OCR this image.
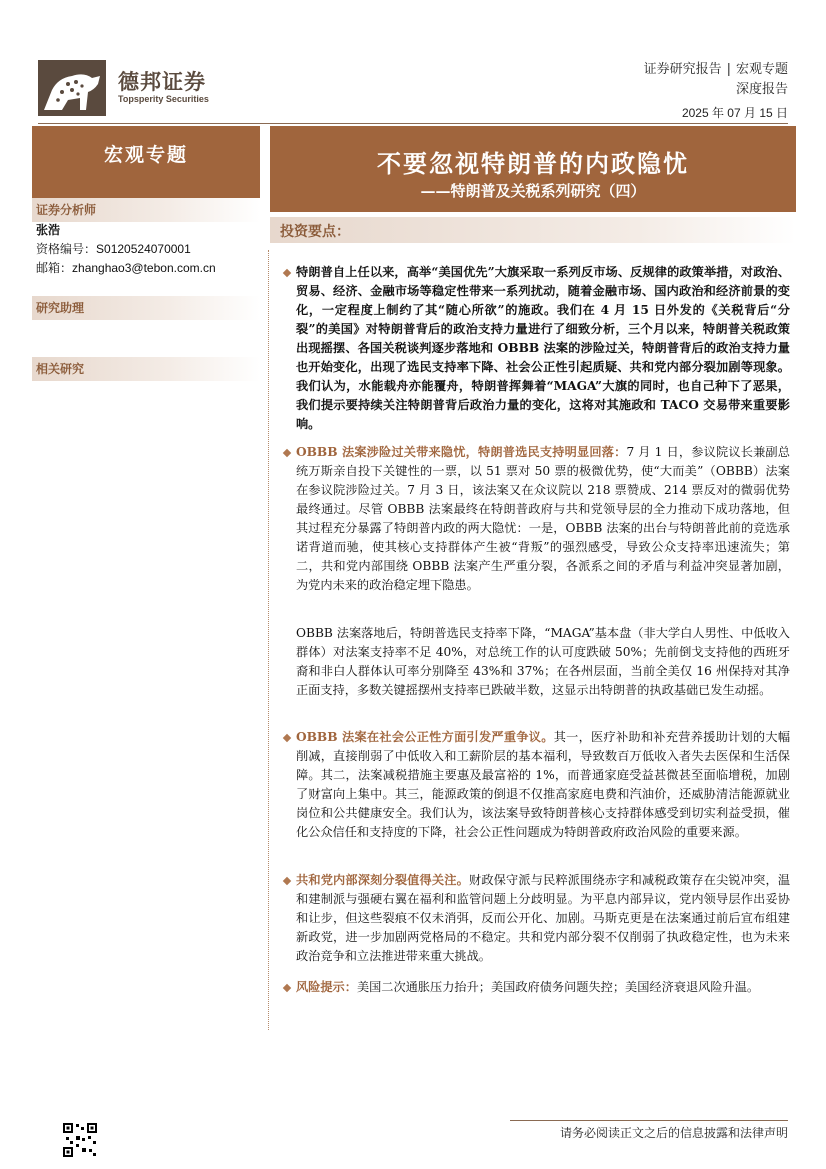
德邦证券
Topsperity Securities
证券研究报告 | 宏观专题
深度报告
2025 年 07 月 15 日
宏观专题	不要忽视特朗普的内政隐忧
——特朗普及关税系列研究（四）
证券分析师
张浩
资格编号：S0120524070001
邮箱：zhanghao3@tebon.com.cn
研究助理
相关研究
投资要点：
特朗普自上任以来，高举“美国优先”大旗采取一系列反市场、反规律的政策举措，对政治、贸易、经济、金融市场等稳定性带来一系列扰动，随着金融市场、国内政治和经济前景的变化，一定程度上制约了其“随心所欲”的施政。我们在 4 月 15 日外发的《关税背后“分裂”的美国》对特朗普背后的政治支持力量进行了细致分析，三个月以来，特朗普关税政策出现摇摆、各国关税谈判逐步落地和 OBBB 法案的涉险过关，特朗普背后的政治支持力量也开始变化，出现了选民支持率下降、社会公正性引起质疑、共和党内部分裂加剧等现象。我们认为，水能载舟亦能覆舟，特朗普挥舞着“MAGA”大旗的同时，也自己种下了恶果，我们提示要持续关注特朗普背后政治力量的变化，这将对其施政和 TACO 交易带来重要影响。
OBBB 法案涉险过关带来隐忧，特朗普选民支持明显回落：7 月 1 日，参议院议长兼副总统万斯亲自投下关键性的一票，以 51 票对 50 票的极微优势，使“大而美”（OBBB）法案在参议院涉险过关。7 月 3 日，该法案又在众议院以 218 票赞成、214 票反对的微弱优势最终通过。尽管 OBBB 法案最终在特朗普政府与共和党领导层的全力推动下成功落地，但其过程充分暴露了特朗普内政的两大隐忧：一是，OBBB 法案的出台与特朗普此前的竞选承诺背道而驰，使其核心支持群体产生被“背叛”的强烈感受，导致公众支持率迅速流失；第二，共和党内部围绕 OBBB 法案产生严重分裂，各派系之间的矛盾与利益冲突显著加剧，为党内未来的政治稳定埋下隐患。
OBBB 法案落地后，特朗普选民支持率下降，“MAGA”基本盘（非大学白人男性、中低收入群体）对法案支持率不足 40%，对总统工作的认可度跌破 50%；先前倒戈支持他的西班牙裔和非白人群体认可率分别降至 43%和 37%；在各州层面，当前全美仅 16 州保持对其净正面支持，多数关键摇摆州支持率已跌破半数，这显示出特朗普的执政基础已发生动摇。
OBBB 法案在社会公正性方面引发严重争议。其一，医疗补助和补充营养援助计划的大幅削减，直接削弱了中低收入和工薪阶层的基本福利，导致数百万低收入者失去医保和生活保障。其二，法案减税措施主要惠及最富裕的 1%，而普通家庭受益甚微甚至面临增税，加剧了财富向上集中。其三，能源政策的倒退不仅推高家庭电费和汽油价，还威胁清洁能源就业岗位和公共健康安全。我们认为，该法案导致特朗普核心支持群体感受到切实利益受损，催化公众信任和支持度的下降，社会公正性问题成为特朗普政府政治风险的重要来源。
共和党内部深刻分裂值得关注。财政保守派与民粹派围绕赤字和减税政策存在尖锐冲突，温和建制派与强硬右翼在福利和监管问题上分歧明显。为平息内部异议，党内领导层作出妥协和让步，但这些裂痕不仅未消弭，反而公开化、加剧。马斯克更是在法案通过前后宣布组建新政党，进一步加剧两党格局的不稳定。共和党内部分裂不仅削弱了执政稳定性，也为未来政治竞争和立法推进带来重大挑战。
风险提示：美国二次通胀压力抬升；美国政府债务问题失控；美国经济衰退风险升温。
请务必阅读正文之后的信息披露和法律声明
